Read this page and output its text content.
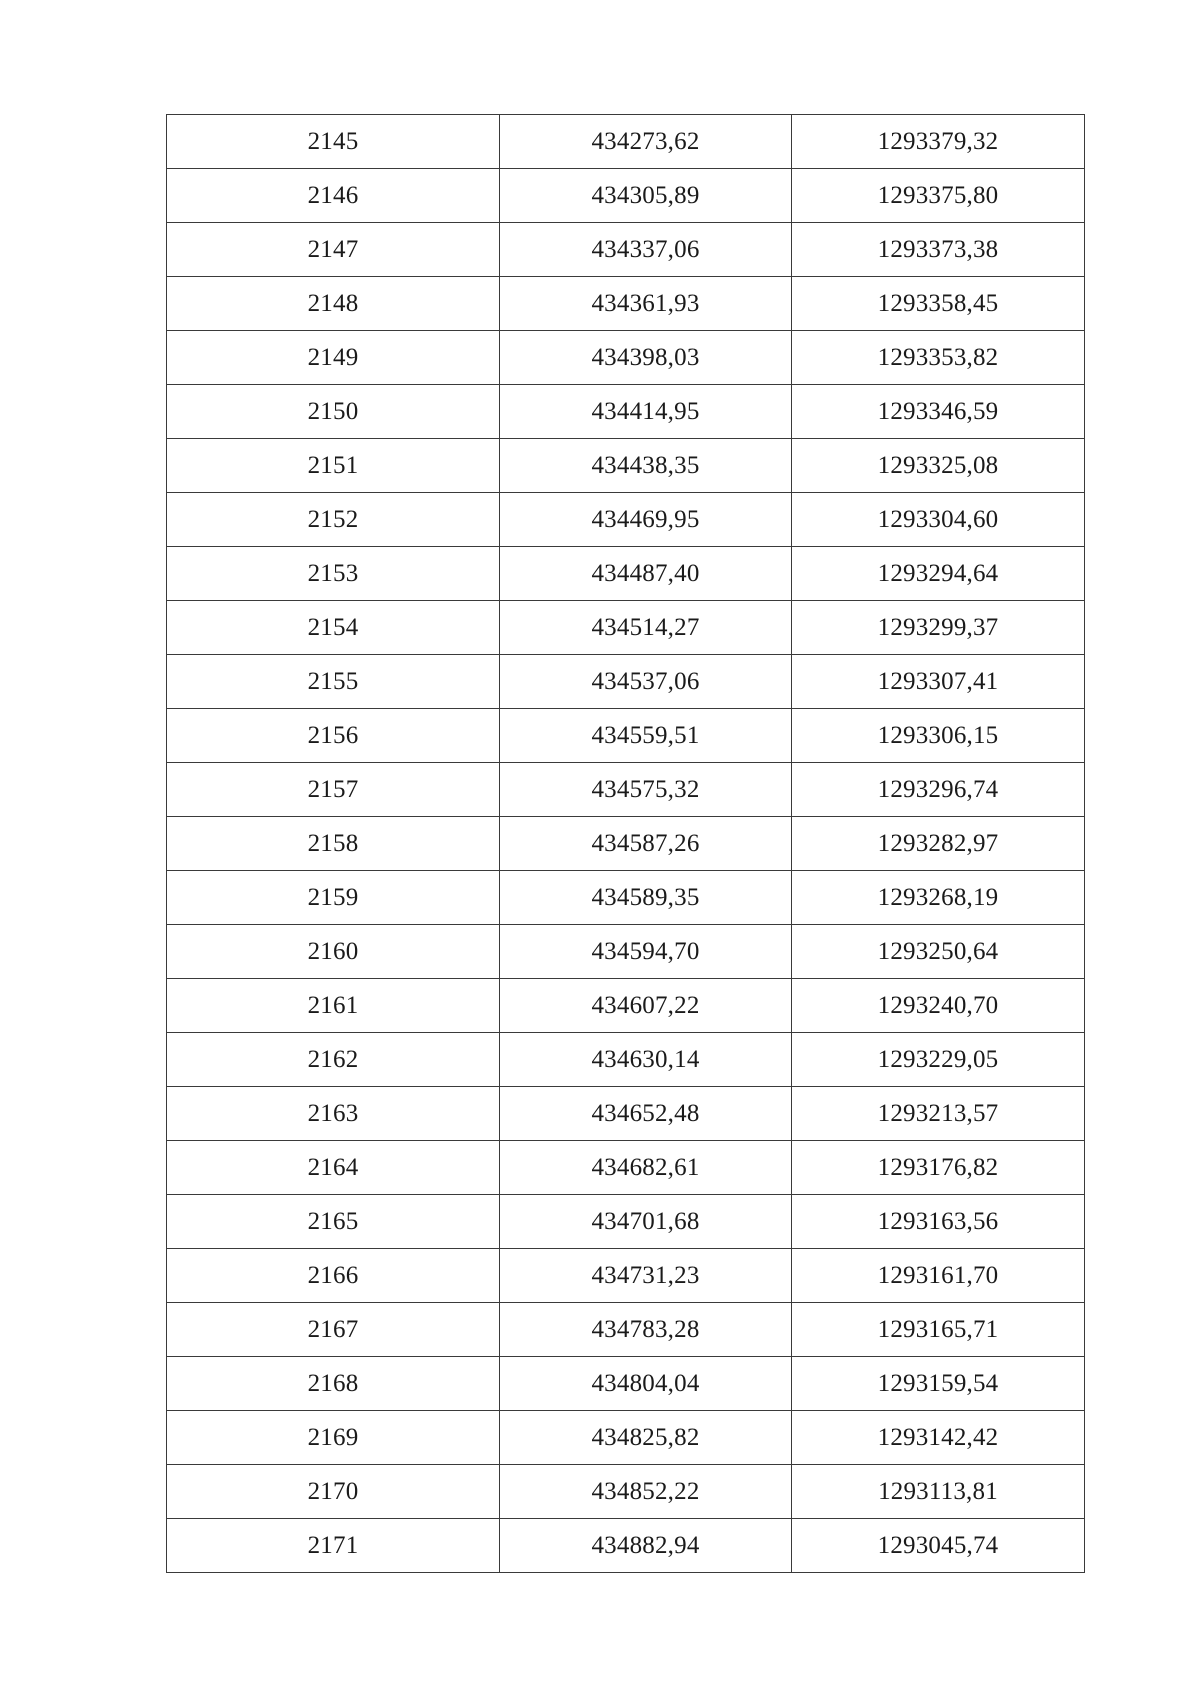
2145	434273,62	1293379,32
2146	434305,89	1293375,80
2147	434337,06	1293373,38
2148	434361,93	1293358,45
2149	434398,03	1293353,82
2150	434414,95	1293346,59
2151	434438,35	1293325,08
2152	434469,95	1293304,60
2153	434487,40	1293294,64
2154	434514,27	1293299,37
2155	434537,06	1293307,41
2156	434559,51	1293306,15
2157	434575,32	1293296,74
2158	434587,26	1293282,97
2159	434589,35	1293268,19
2160	434594,70	1293250,64
2161	434607,22	1293240,70
2162	434630,14	1293229,05
2163	434652,48	1293213,57
2164	434682,61	1293176,82
2165	434701,68	1293163,56
2166	434731,23	1293161,70
2167	434783,28	1293165,71
2168	434804,04	1293159,54
2169	434825,82	1293142,42
2170	434852,22	1293113,81
2171	434882,94	1293045,74
